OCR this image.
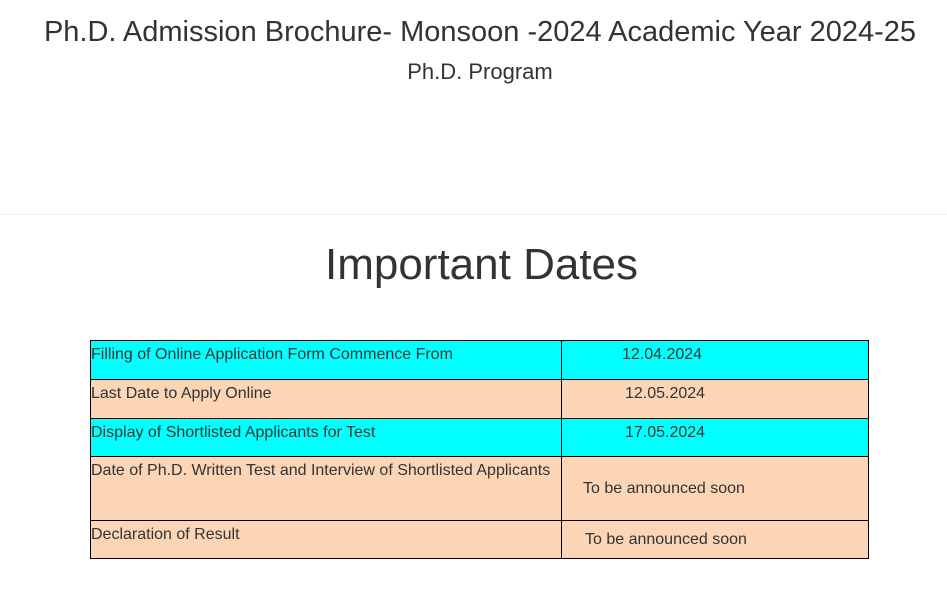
Ph.D. Admission Brochure- Monsoon -2024 Academic Year 2024-25
Ph.D. Program
Important Dates
Filling of Online Application Form Commence From	12.04.2024
Last Date to Apply Online	12.05.2024
Display of Shortlisted Applicants for Test	17.05.2024
Date of Ph.D. Written Test and Interview of Shortlisted Applicants	To be announced soon
Declaration of Result	To be announced soon
